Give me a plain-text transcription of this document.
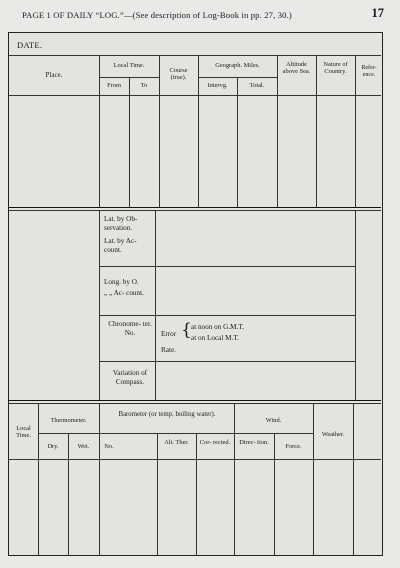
PAGE 1 OF DAILY “LOG.”—(See description of Log-Book in pp. 27, 30.)	17
DATE.
Place.
Local Time.
From	To
Course (true).
Geograph. Miles.
Intervg.	Total.
Altitude above Sea.
Nature of Country.
Refer- ence.
Lat. by Ob- servation.
Lat. by Ac- count.
Long. by O.
„ „ Ac- count.
Chronome- ter. No.	Error { at noon on G.M.T.
at on Local M.T.
Rate.
Variation of Compass.
Local Time.
Thermometer.
Dry.	Wet.
Barometer (or temp. boiling water).
No.
Alt. Ther.	Cor- rected.
Wind.
Direc- tion.
Force.
Weather.
